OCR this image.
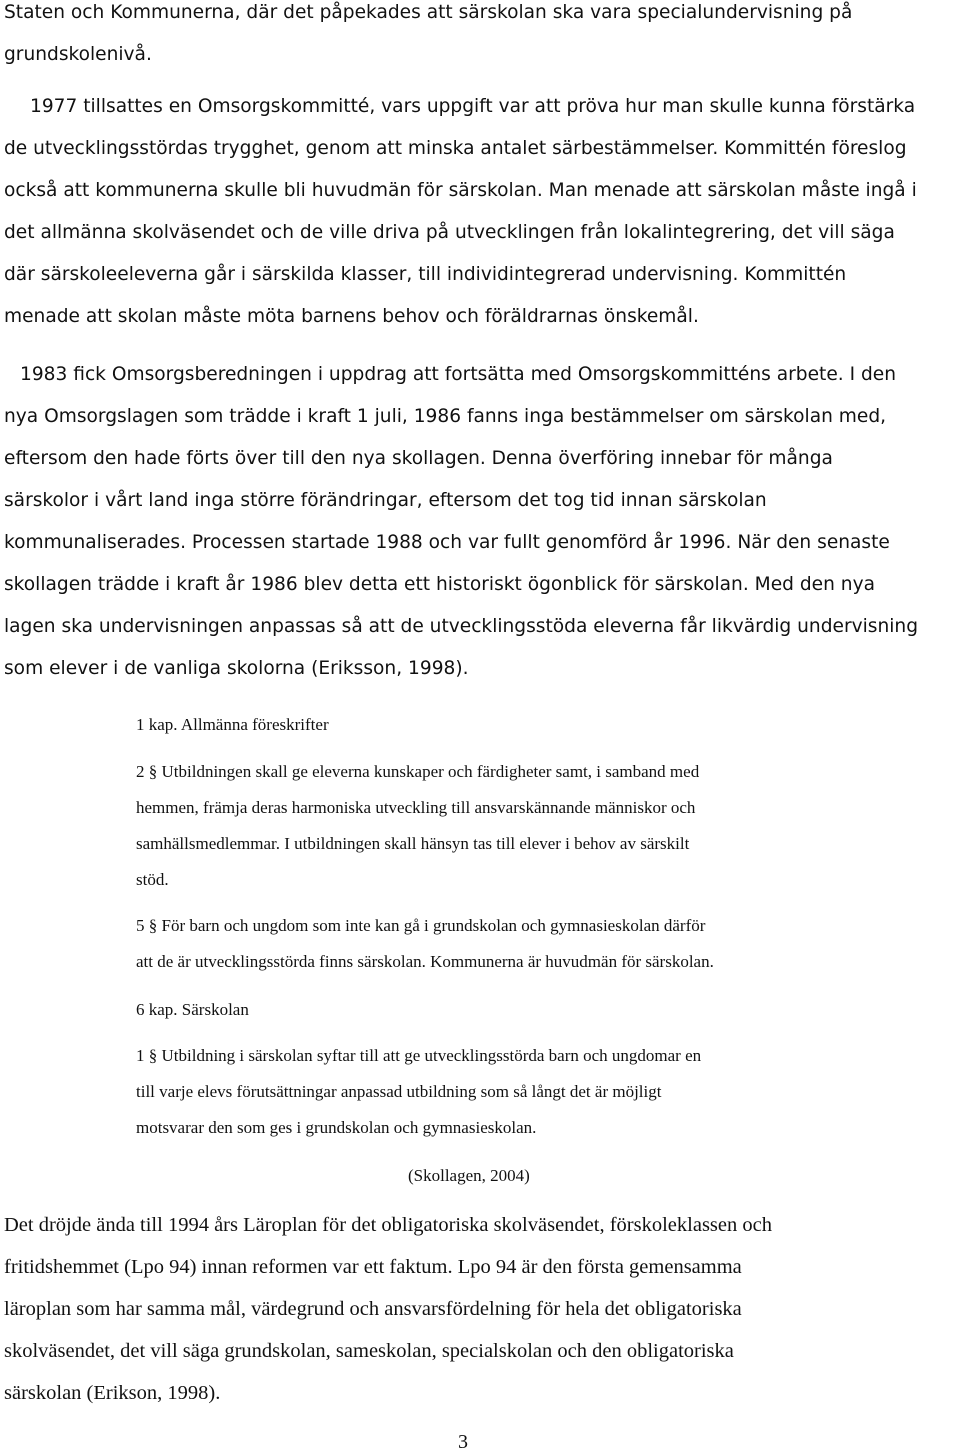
Staten och Kommunerna, där det påpekades att särskolan ska vara specialundervisning på
grundskolenivå.

1977 tillsattes en Omsorgskommitté, vars uppgift var att pröva hur man skulle kunna förstärka
de utvecklingsstördas trygghet, genom att minska antalet särbestämmelser. Kommittén föreslog
också att kommunerna skulle bli huvudmän för särskolan. Man menade att särskolan måste ingå i
det allmänna skolväsendet och de ville driva på utvecklingen från lokalintegrering, det vill säga
där särskoleeleverna går i särskilda klasser, till individintegrerad undervisning. Kommittén
menade att skolan måste möta barnens behov och föräldrarnas önskemål.

1983 fick Omsorgsberedningen i uppdrag att fortsätta med Omsorgskommitténs arbete. I den
nya Omsorgslagen som trädde i kraft 1 juli, 1986 fanns inga bestämmelser om särskolan med,
eftersom den hade förts över till den nya skollagen. Denna överföring innebar för många
särskolor i vårt land inga större förändringar, eftersom det tog tid innan särskolan
kommunaliserades. Processen startade 1988 och var fullt genomförd år 1996. När den senaste
skollagen trädde i kraft år 1986 blev detta ett historiskt ögonblick för särskolan. Med den nya
lagen ska undervisningen anpassas så att de utvecklingsstöda eleverna får likvärdig undervisning
som elever i de vanliga skolorna (Eriksson, 1998).

1 kap. Allmänna föreskrifter

2 § Utbildningen skall ge eleverna kunskaper och färdigheter samt, i samband med
hemmen, främja deras harmoniska utveckling till ansvarskännande människor och
samhällsmedlemmar. I utbildningen skall hänsyn tas till elever i behov av särskilt
stöd.

5 § För barn och ungdom som inte kan gå i grundskolan och gymnasieskolan därför
att de är utvecklingsstörda finns särskolan. Kommunerna är huvudmän för särskolan.

6 kap. Särskolan

1 § Utbildning i särskolan syftar till att ge utvecklingsstörda barn och ungdomar en
till varje elevs förutsättningar anpassad utbildning som så långt det är möjligt
motsvarar den som ges i grundskolan och gymnasieskolan.

(Skollagen, 2004)

Det dröjde ända till 1994 års Läroplan för det obligatoriska skolväsendet, förskoleklassen och
fritidshemmet (Lpo 94) innan reformen var ett faktum. Lpo 94 är den första gemensamma
läroplan som har samma mål, värdegrund och ansvarsfördelning för hela det obligatoriska
skolväsendet, det vill säga grundskolan, sameskolan, specialskolan och den obligatoriska
särskolan (Erikson, 1998).

3
